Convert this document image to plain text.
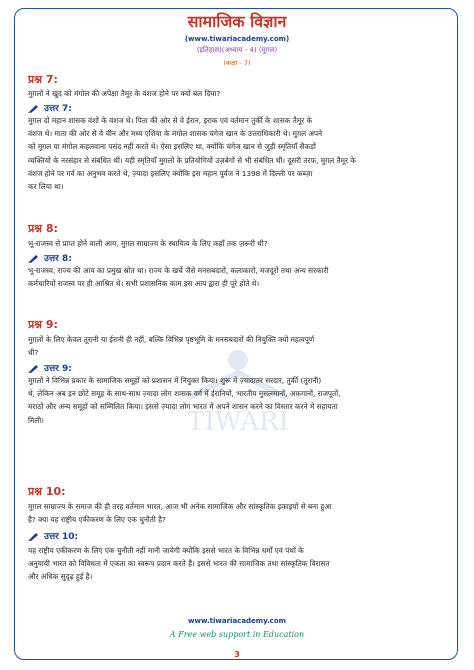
TIWARI
सामाजिक विज्ञान
(www.tiwariacademy.com)
(इतिहास)(अध्याय - 4) (मुग़ल)
(कक्षा - 7)
प्रश्न 7:
मुग़लों ने खुद को मंगोल की अपेक्षा तैमूर के वंशज होने पर क्यों बल दिया?
उत्तर 7:
मुग़ल दो महान शासक वंशों के वंशज थे। पिता की ओर से वे ईरान, इराक एवं वर्तमान तुर्की के शासक तैमूर के
वंशज थे। माता की ओर से वे चीन और मध्य एशिया के मंगोल शासक चंगेज खान के उत्तराधिकारी थे। मुग़ल अपने
को मुग़ल या मंगोल कहलवाना पसंद नहीं करते थे। ऐसा इसलिए था, क्योंकि चंगेज खान से जुड़ी स्मृतियाँ सैकड़ों
व्यक्तियों के नरसंहार से संबंधित थीं। यही स्मृतियाँ मुग़लों के प्रतियोगियों उज़बेगों से भी संबंधित थीं। दूसरी तरफ, मुग़ल तैमूर के
वंशज होने पर गर्व का अनुभव करते थे, ज़्यादा इसलिए क्योंकि इस महान पूर्वज ने 1398 में दिल्ली पर कब्ज़ा
कर लिया था।
प्रश्न 8:
भू-राजस्व से प्राप्त होने वाली आय, मुग़ल साम्राज्य के स्थायित्व के लिए कहाँ तक ज़रूरी थी?
उत्तर 8:
भू-राजस्व, राज्य की आय का प्रमुख स्रोत था। राज्य के खर्चे जैसे मनसबदारों, कलाकारों, मजदूरों तथा अन्य सरकारी
कर्मचारियों राजस्व पर ही आश्रित थे। सभी प्रशासनिक काम इस आय द्वारा ही पूरे होते थे।
प्रश्न 9:
मुग़लों के लिए केवल तूरानी या ईरानी ही नहीं, बल्कि विभिन्न पृष्ठभूमि के मनसबदारों की नियुक्ति क्यों महत्वपूर्ण
थी?
उत्तर 9:
मुग़लों ने विभिन्न प्रकार के सामाजिक समूहों को प्रशासन में नियुक्त किया। शुरू में ज़्यादातर सरदार, तुर्की (तूरानी)
थे, लेकिन अब इन छोटे समूह के साथ-साथ ज़्यादा लोग शासक वर्ग में ईरानियों, भारतीय मुसलमानों, अफ़गानों, राजपूतों,
मराठों और अन्य समूहों को सम्मिलित किया। इससे ज़्यादा लोग भारत में अपने शासन करने का विस्तार करने में सहायता
मिली।
प्रश्न 10:
मुग़ल साम्राज्य के समाज की ही तरह वर्तमान भारत, आज भी अनेक सामाजिक और सांस्कृतिक इकाइयों से बना हुआ
है? क्या यह राष्ट्रीय एकीकरण के लिए एक चुनौती है?
उत्तर 10:
यह राष्ट्रीय एकीकरण के लिए एक चुनौती नहीं मानी जायेगी क्योंकि इससे भारत के विभिन्न धर्मों एवं पंथों के
अनुयायी भारत को विविधता में एकता का स्वरूप प्रदान करते हैं। इससे भारत की सामाजिक तथा सांस्कृतिक विरासत
और अधिक सुदृढ़ हुई है।
www.tiwariacademy.com
A Free web support in Education
3
